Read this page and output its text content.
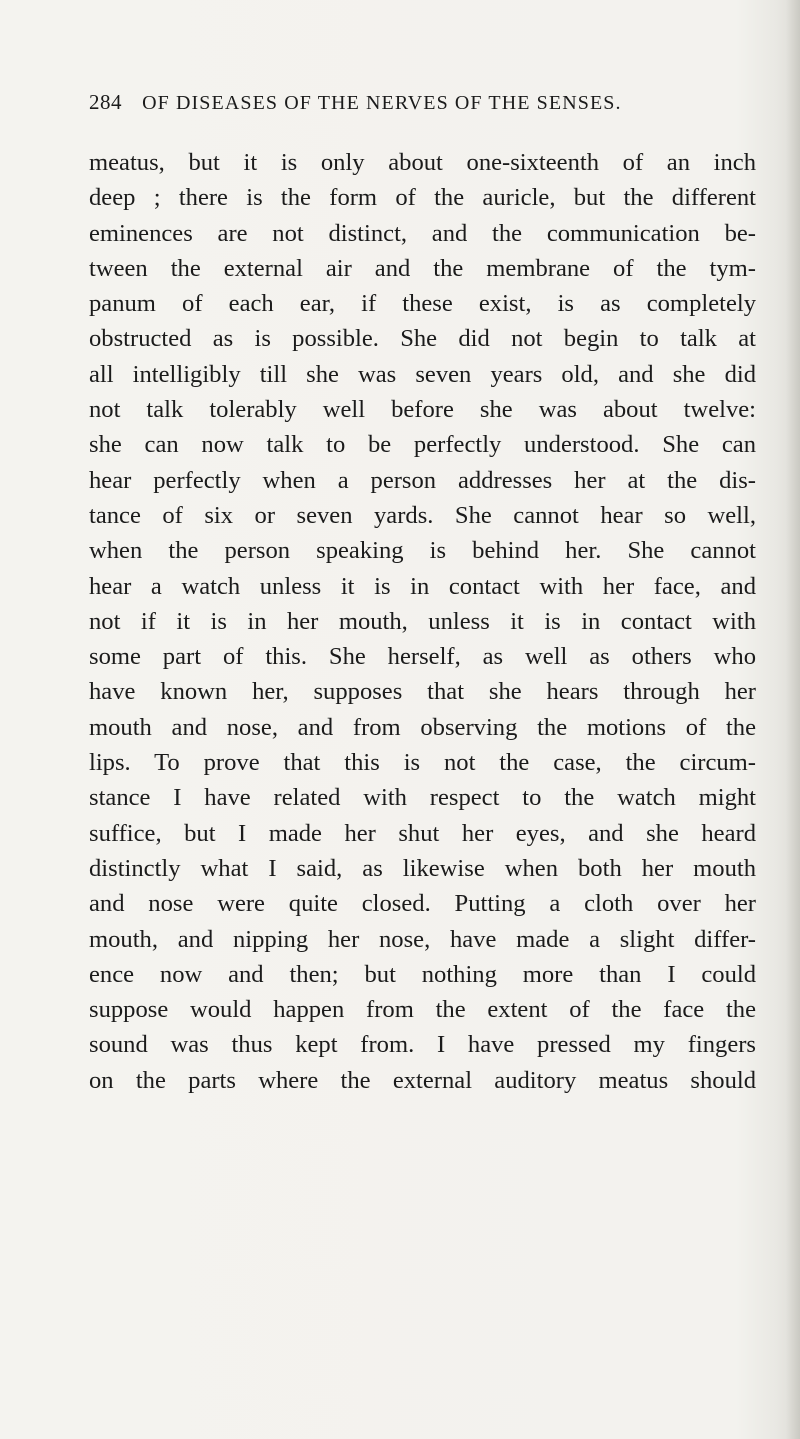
284 OF DISEASES OF THE NERVES OF THE SENSES.
meatus, but it is only about one-sixteenth of an inch
deep ; there is the form of the auricle, but the different
eminences are not distinct, and the communication be-
tween the external air and the membrane of the tym-
panum of each ear, if these exist, is as completely
obstructed as is possible. She did not begin to talk at
all intelligibly till she was seven years old, and she did
not talk tolerably well before she was about twelve:
she can now talk to be perfectly understood. She can
hear perfectly when a person addresses her at the dis-
tance of six or seven yards. She cannot hear so well,
when the person speaking is behind her. She cannot
hear a watch unless it is in contact with her face, and
not if it is in her mouth, unless it is in contact with
some part of this. She herself, as well as others who
have known her, supposes that she hears through her
mouth and nose, and from observing the motions of the
lips. To prove that this is not the case, the circum-
stance I have related with respect to the watch might
suffice, but I made her shut her eyes, and she heard
distinctly what I said, as likewise when both her mouth
and nose were quite closed. Putting a cloth over her
mouth, and nipping her nose, have made a slight differ-
ence now and then; but nothing more than I could
suppose would happen from the extent of the face the
sound was thus kept from. I have pressed my fingers
on the parts where the external auditory meatus should
